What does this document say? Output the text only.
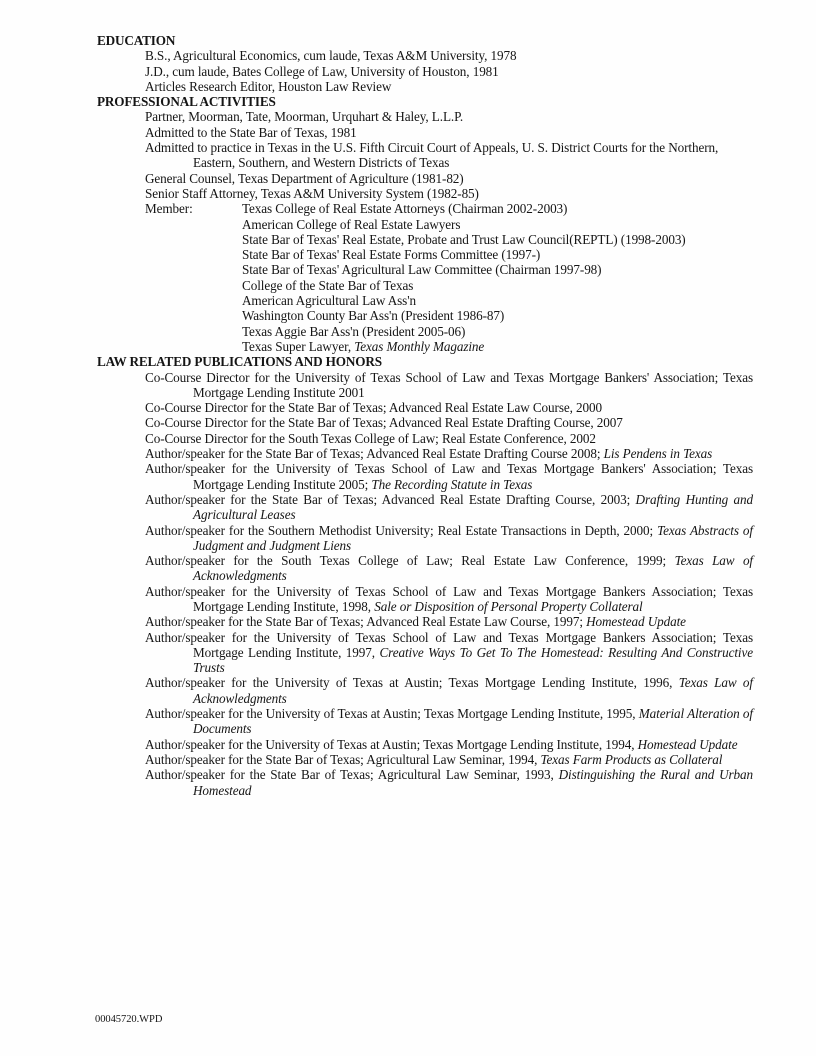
EDUCATION
B.S., Agricultural Economics, cum laude, Texas A&M University, 1978
J.D., cum laude, Bates College of Law, University of Houston, 1981
Articles Research Editor, Houston Law Review
PROFESSIONAL ACTIVITIES
Partner, Moorman, Tate, Moorman, Urquhart & Haley, L.L.P.
Admitted to the State Bar of Texas, 1981
Admitted to practice in Texas in the U.S. Fifth Circuit Court of Appeals, U. S. District Courts for the Northern, Eastern, Southern, and Western Districts of Texas
General Counsel, Texas Department of Agriculture (1981-82)
Senior Staff Attorney, Texas A&M University System (1982-85)
Member:	Texas College of Real Estate Attorneys (Chairman 2002-2003)
American College of Real Estate Lawyers
State Bar of Texas' Real Estate, Probate and Trust Law Council(REPTL) (1998-2003)
State Bar of Texas' Real Estate Forms Committee (1997-)
State Bar of Texas' Agricultural Law Committee (Chairman 1997-98)
College of the State Bar of Texas
American Agricultural Law Ass'n
Washington County Bar Ass'n (President 1986-87)
Texas Aggie Bar Ass'n (President 2005-06)
Texas Super Lawyer, Texas Monthly Magazine
LAW RELATED PUBLICATIONS AND HONORS
Co-Course Director for the University of Texas School of Law and Texas Mortgage Bankers' Association; Texas Mortgage Lending Institute 2001
Co-Course Director for the State Bar of Texas; Advanced Real Estate Law Course, 2000
Co-Course Director for the State Bar of Texas; Advanced Real Estate Drafting Course, 2007
Co-Course Director for the South Texas College of Law; Real Estate Conference, 2002
Author/speaker for the State Bar of Texas; Advanced Real Estate Drafting Course 2008; Lis Pendens in Texas
Author/speaker for the University of Texas School of Law and Texas Mortgage Bankers' Association; Texas Mortgage Lending Institute 2005; The Recording Statute in Texas
Author/speaker for the State Bar of Texas; Advanced Real Estate Drafting Course, 2003; Drafting Hunting and Agricultural Leases
Author/speaker for the Southern Methodist University; Real Estate Transactions in Depth, 2000; Texas Abstracts of Judgment and Judgment Liens
Author/speaker for the South Texas College of Law; Real Estate Law Conference, 1999; Texas Law of Acknowledgments
Author/speaker for the University of Texas School of Law and Texas Mortgage Bankers Association; Texas Mortgage Lending Institute, 1998, Sale or Disposition of Personal Property Collateral
Author/speaker for the State Bar of Texas; Advanced Real Estate Law Course, 1997; Homestead Update
Author/speaker for the University of Texas School of Law and Texas Mortgage Bankers Association; Texas Mortgage Lending Institute, 1997, Creative Ways To Get To The Homestead: Resulting And Constructive Trusts
Author/speaker for the University of Texas at Austin; Texas Mortgage Lending Institute, 1996, Texas Law of Acknowledgments
Author/speaker for the University of Texas at Austin; Texas Mortgage Lending Institute, 1995, Material Alteration of Documents
Author/speaker for the University of Texas at Austin; Texas Mortgage Lending Institute, 1994, Homestead Update
Author/speaker for the State Bar of Texas; Agricultural Law Seminar, 1994, Texas Farm Products as Collateral
Author/speaker for the State Bar of Texas; Agricultural Law Seminar, 1993, Distinguishing the Rural and Urban Homestead
00045720.WPD
